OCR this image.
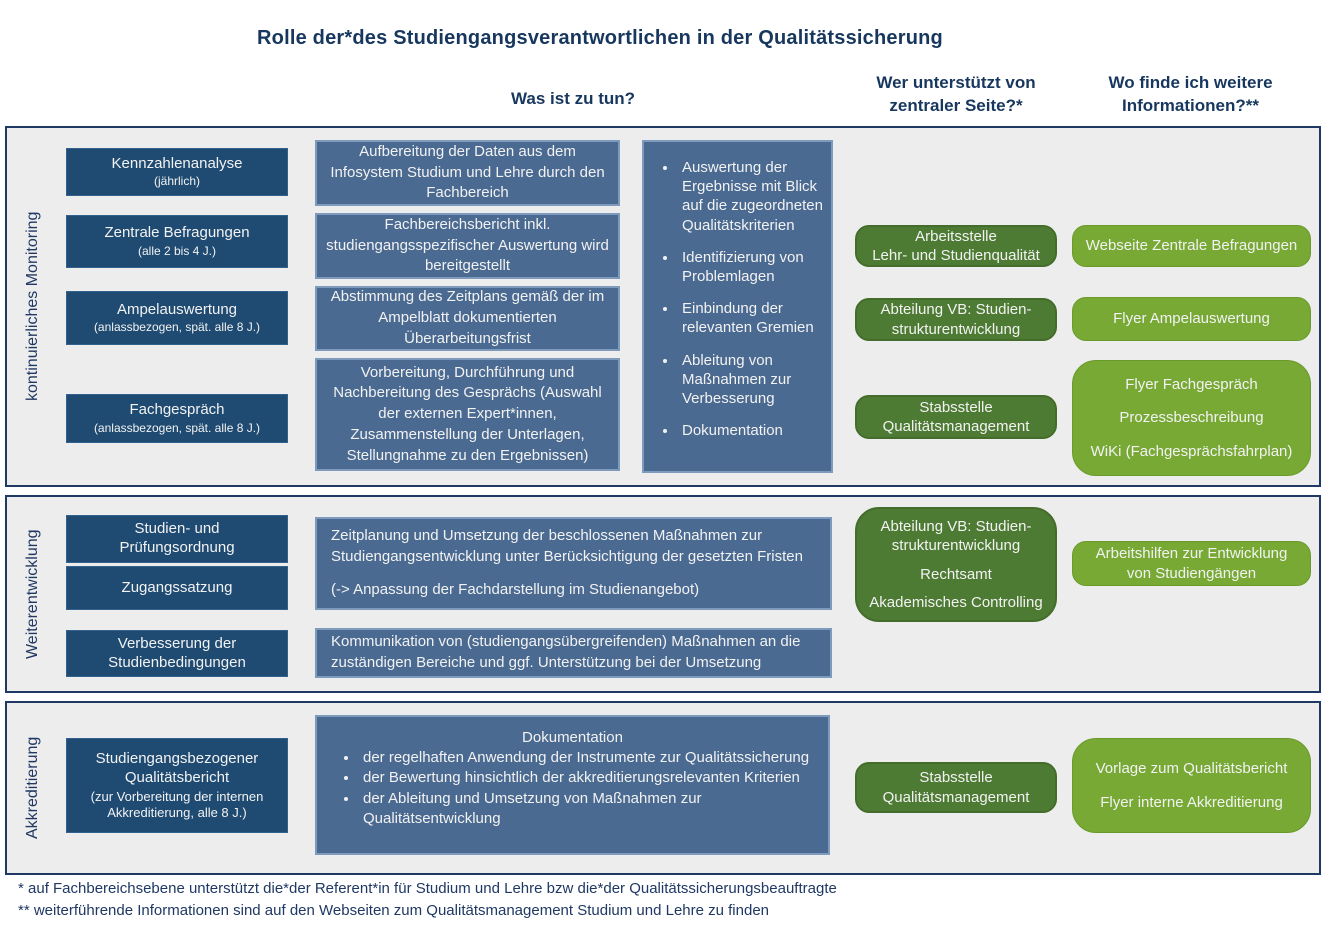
Rolle der*des Studiengangsverantwortlichen in der Qualitätssicherung
Was ist zu tun?
Wer unterstützt von zentraler Seite?*
Wo finde ich weitere Informationen?**
kontinuierliches Monitoring
Kennzahlenanalyse
(jährlich)
Zentrale Befragungen
(alle 2 bis 4 J.)
Ampelauswertung
(anlassbezogen, spät. alle 8 J.)
Fachgespräch
(anlassbezogen, spät. alle 8 J.)
Aufbereitung der Daten aus dem Infosystem Studium und Lehre durch den Fachbereich
Fachbereichsbericht inkl. studiengangsspezifischer Auswertung wird bereitgestellt
Abstimmung des Zeitplans gemäß der im Ampelblatt dokumentierten Überarbeitungsfrist
Vorbereitung, Durchführung und Nachbereitung des Gesprächs (Auswahl der externen Expert*innen, Zusammenstellung der Unterlagen, Stellungnahme zu den Ergebnissen)
• Auswertung der Ergebnisse mit Blick auf die zugeordneten Qualitätskriterien
• Identifizierung von Problemlagen
• Einbindung der relevanten Gremien
• Ableitung von Maßnahmen zur Verbesserung
• Dokumentation
Arbeitsstelle
Lehr- und Studienqualität
Abteilung VB: Studien-
strukturentwicklung
Stabsstelle
Qualitätsmanagement
Webseite Zentrale Befragungen
Flyer Ampelauswertung
Flyer Fachgespräch
Prozessbeschreibung
WiKi (Fachgesprächsfahrplan)
Weiterentwicklung
Studien- und
Prüfungsordnung
Zugangssatzung
Verbesserung der
Studienbedingungen
Zeitplanung und Umsetzung der beschlossenen Maßnahmen zur Studiengangsentwicklung unter Berücksichtigung der gesetzten Fristen
(-> Anpassung der Fachdarstellung im Studienangebot)
Kommunikation von (studiengangsübergreifenden) Maßnahmen an die zuständigen Bereiche und ggf. Unterstützung bei der Umsetzung
Abteilung VB: Studien-
strukturentwicklung
Rechtsamt
Akademisches Controlling
Arbeitshilfen zur Entwicklung
von Studiengängen
Akkreditierung	Studiengangsbezogener Qualitätsbericht
(zur Vorbereitung der internen Akkreditierung, alle 8 J.)
Dokumentation
• der regelhaften Anwendung der Instrumente zur Qualitätssicherung
• der Bewertung hinsichtlich der akkreditierungsrelevanten Kriterien
• der Ableitung und Umsetzung von Maßnahmen zur Qualitätsentwicklung
Stabsstelle
Qualitätsmanagement
Vorlage zum Qualitätsbericht
Flyer interne Akkreditierung
* auf Fachbereichsebene unterstützt die*der Referent*in für Studium und Lehre bzw die*der Qualitätssicherungsbeauftragte
** weiterführende Informationen sind auf den Webseiten zum Qualitätsmanagement Studium und Lehre zu finden
